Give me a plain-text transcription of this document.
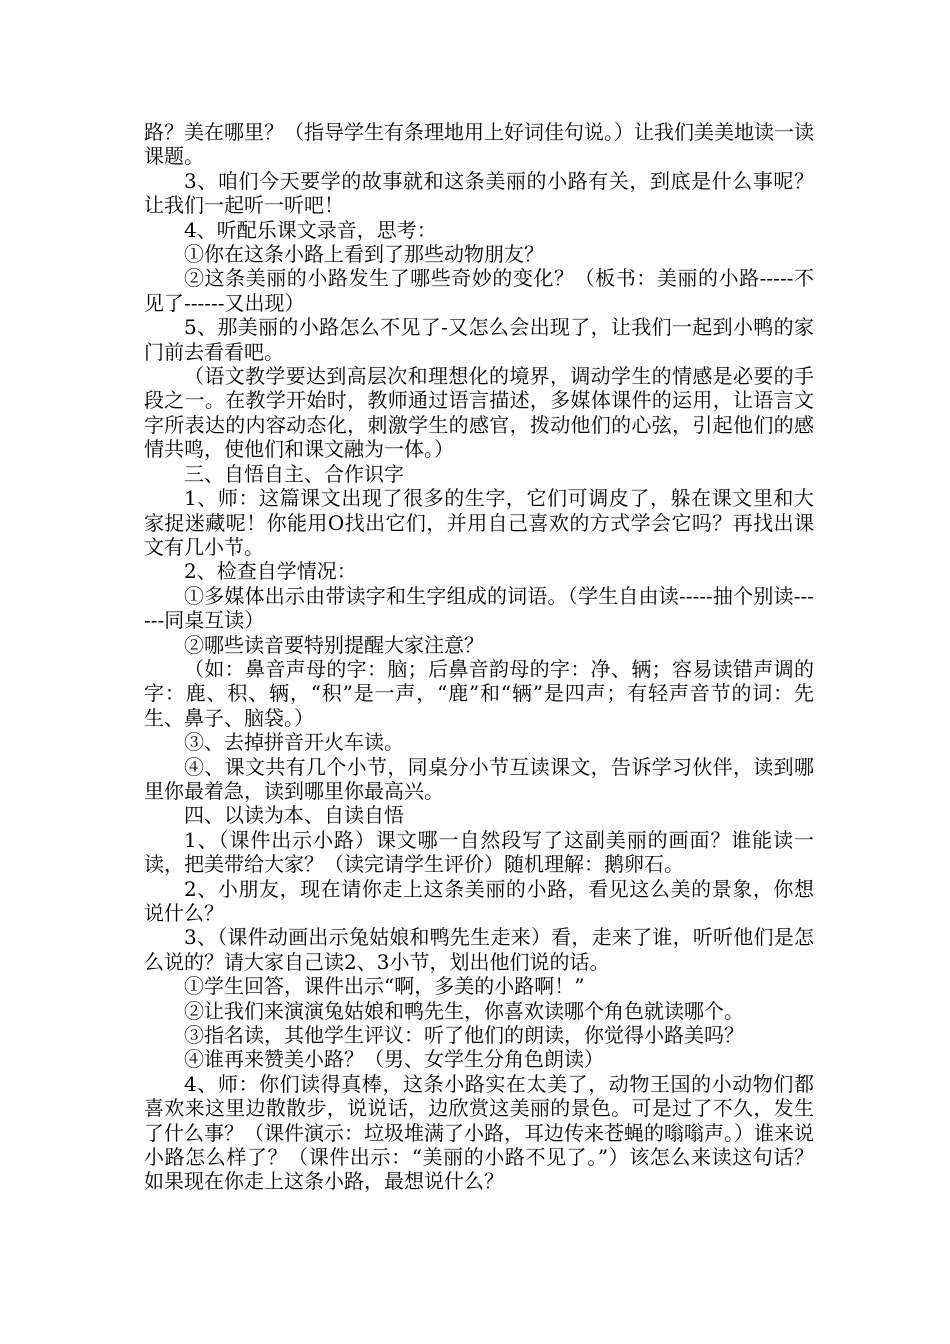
路？美在哪里？（指导学生有条理地用上好词佳句说。）让我们美美地读一读课题。

3、咱们今天要学的故事就和这条美丽的小路有关，到底是什么事呢？让我们一起听一听吧！

4、听配乐课文录音，思考：

①你在这条小路上看到了那些动物朋友？

②这条美丽的小路发生了哪些奇妙的变化？（板书：美丽的小路-----不见了------又出现）

5、那美丽的小路怎么不见了-又怎么会出现了，让我们一起到小鸭的家门前去看看吧。

（语文教学要达到高层次和理想化的境界，调动学生的情感是必要的手段之一。在教学开始时，教师通过语言描述，多媒体课件的运用，让语言文字所表达的内容动态化，刺激学生的感官，拨动他们的心弦，引起他们的感情共鸣，使他们和课文融为一体。）

三、自悟自主、合作识字

1、师：这篇课文出现了很多的生字，它们可调皮了，躲在课文里和大家捉迷藏呢！你能用O找出它们，并用自己喜欢的方式学会它吗？再找出课文有几小节。

2、检查自学情况：

①多媒体出示由带读字和生字组成的词语。（学生自由读-----抽个别读------同桌互读）

②哪些读音要特别提醒大家注意？

（如：鼻音声母的字：脑；后鼻音韵母的字：净、辆；容易读错声调的字：鹿、积、辆，“积”是一声，“鹿”和“辆”是四声；有轻声音节的词：先生、鼻子、脑袋。）

③、去掉拼音开火车读。

④、课文共有几个小节，同桌分小节互读课文，告诉学习伙伴，读到哪里你最着急，读到哪里你最高兴。

四、以读为本、自读自悟

1、（课件出示小路）课文哪一自然段写了这副美丽的画面？谁能读一读，把美带给大家？（读完请学生评价）随机理解：鹅卵石。

2、小朋友，现在请你走上这条美丽的小路，看见这么美的景象，你想说什么？

3、（课件动画出示兔姑娘和鸭先生走来）看，走来了谁，听听他们是怎么说的？请大家自己读2、3小节，划出他们说的话。

①学生回答，课件出示“啊，多美的小路啊！”

②让我们来演演兔姑娘和鸭先生，你喜欢读哪个角色就读哪个。

③指名读，其他学生评议：听了他们的朗读，你觉得小路美吗？

④谁再来赞美小路？（男、女学生分角色朗读）

4、师：你们读得真棒，这条小路实在太美了，动物王国的小动物们都喜欢来这里边散散步，说说话，边欣赏这美丽的景色。可是过了不久，发生了什么事？（课件演示：垃圾堆满了小路，耳边传来苍蝇的嗡嗡声。）谁来说小路怎么样了？（课件出示：“美丽的小路不见了。”）该怎么来读这句话？如果现在你走上这条小路，最想说什么？
